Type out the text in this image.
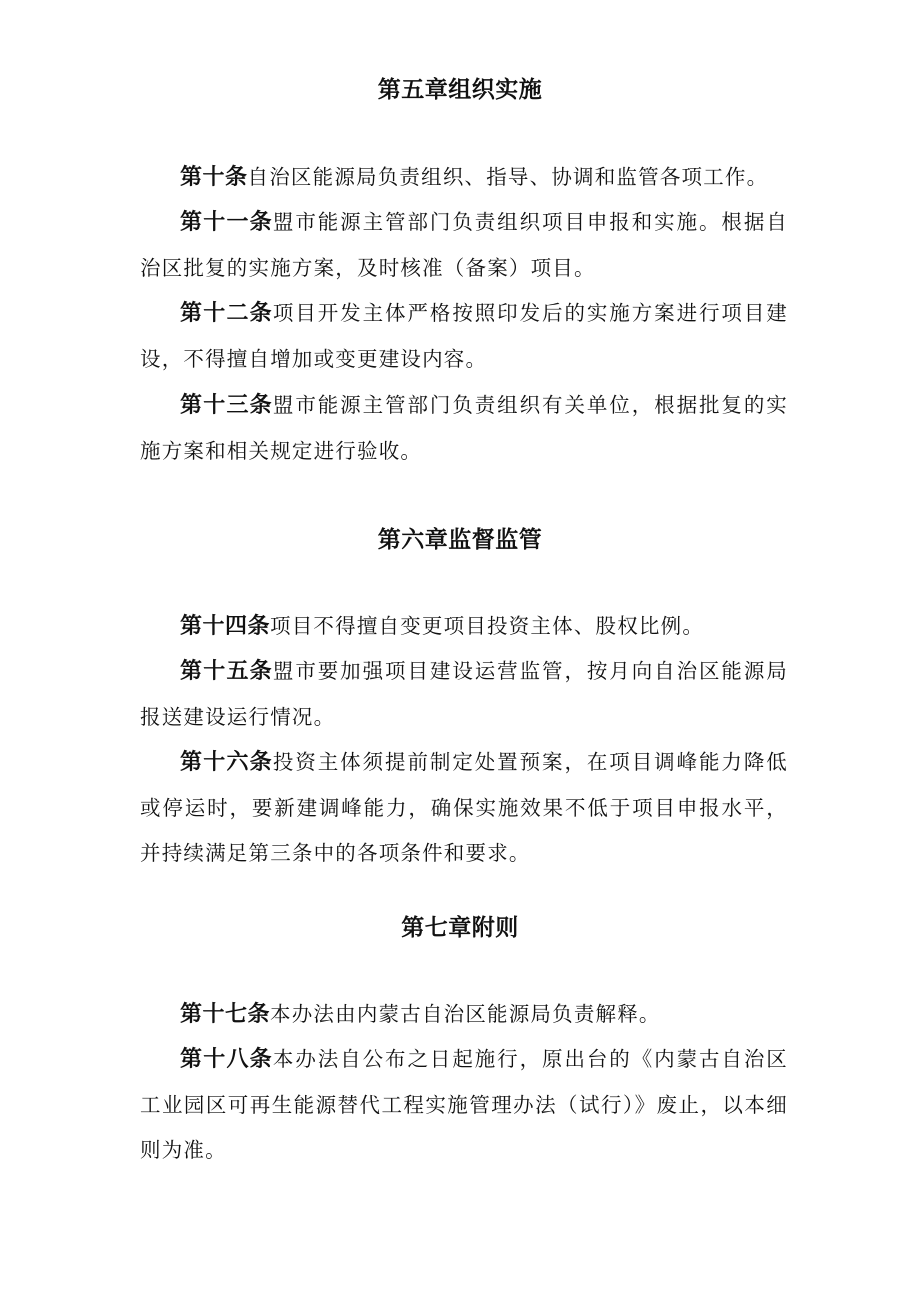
第五章组织实施

第十条自治区能源局负责组织、指导、协调和监管各项工作。

第十一条盟市能源主管部门负责组织项目申报和实施。根据自治区批复的实施方案，及时核准（备案）项目。

第十二条项目开发主体严格按照印发后的实施方案进行项目建设，不得擅自增加或变更建设内容。

第十三条盟市能源主管部门负责组织有关单位，根据批复的实施方案和相关规定进行验收。

第六章监督监管

第十四条项目不得擅自变更项目投资主体、股权比例。

第十五条盟市要加强项目建设运营监管，按月向自治区能源局报送建设运行情况。

第十六条投资主体须提前制定处置预案，在项目调峰能力降低或停运时，要新建调峰能力，确保实施效果不低于项目申报水平，并持续满足第三条中的各项条件和要求。

第七章附则

第十七条本办法由内蒙古自治区能源局负责解释。

第十八条本办法自公布之日起施行，原出台的《内蒙古自治区工业园区可再生能源替代工程实施管理办法（试行）》废止，以本细则为准。
